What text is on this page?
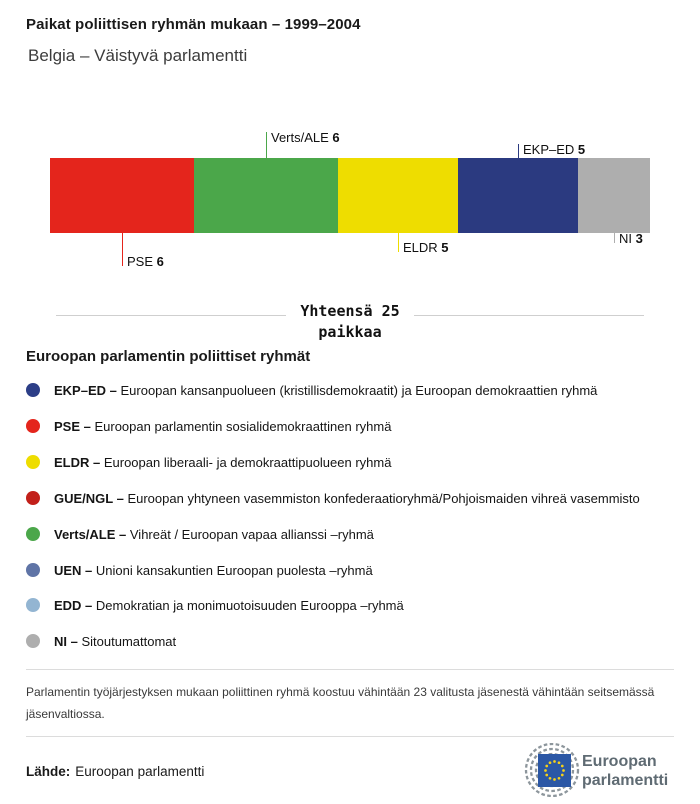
Paikat poliittisen ryhmän mukaan – 1999–2004
Belgia – Väistyvä parlamentti
PSE 6
Verts/ALE 6
ELDR 5
EKP–ED 5
NI 3
Yhteensä 25
paikkaa
Euroopan parlamentin poliittiset ryhmät
EKP–ED – Euroopan kansanpuolueen (kristillisdemokraatit) ja Euroopan demokraattien ryhmä
PSE – Euroopan parlamentin sosialidemokraattinen ryhmä
ELDR – Euroopan liberaali- ja demokraattipuolueen ryhmä
GUE/NGL – Euroopan yhtyneen vasemmiston konfederaatioryhmä/Pohjoismaiden vihreä vasemmisto
Verts/ALE – Vihreät / Euroopan vapaa allianssi –ryhmä
UEN – Unioni kansakuntien Euroopan puolesta –ryhmä
EDD – Demokratian ja monimuotoisuuden Eurooppa –ryhmä
NI – Sitoutumattomat
Parlamentin työjärjestyksen mukaan poliittinen ryhmä koostuu vähintään 23 valitusta jäsenestä vähintään seitsemässä jäsenvaltiossa.
Lähde: Euroopan parlamentti
Euroopan
parlamentti
